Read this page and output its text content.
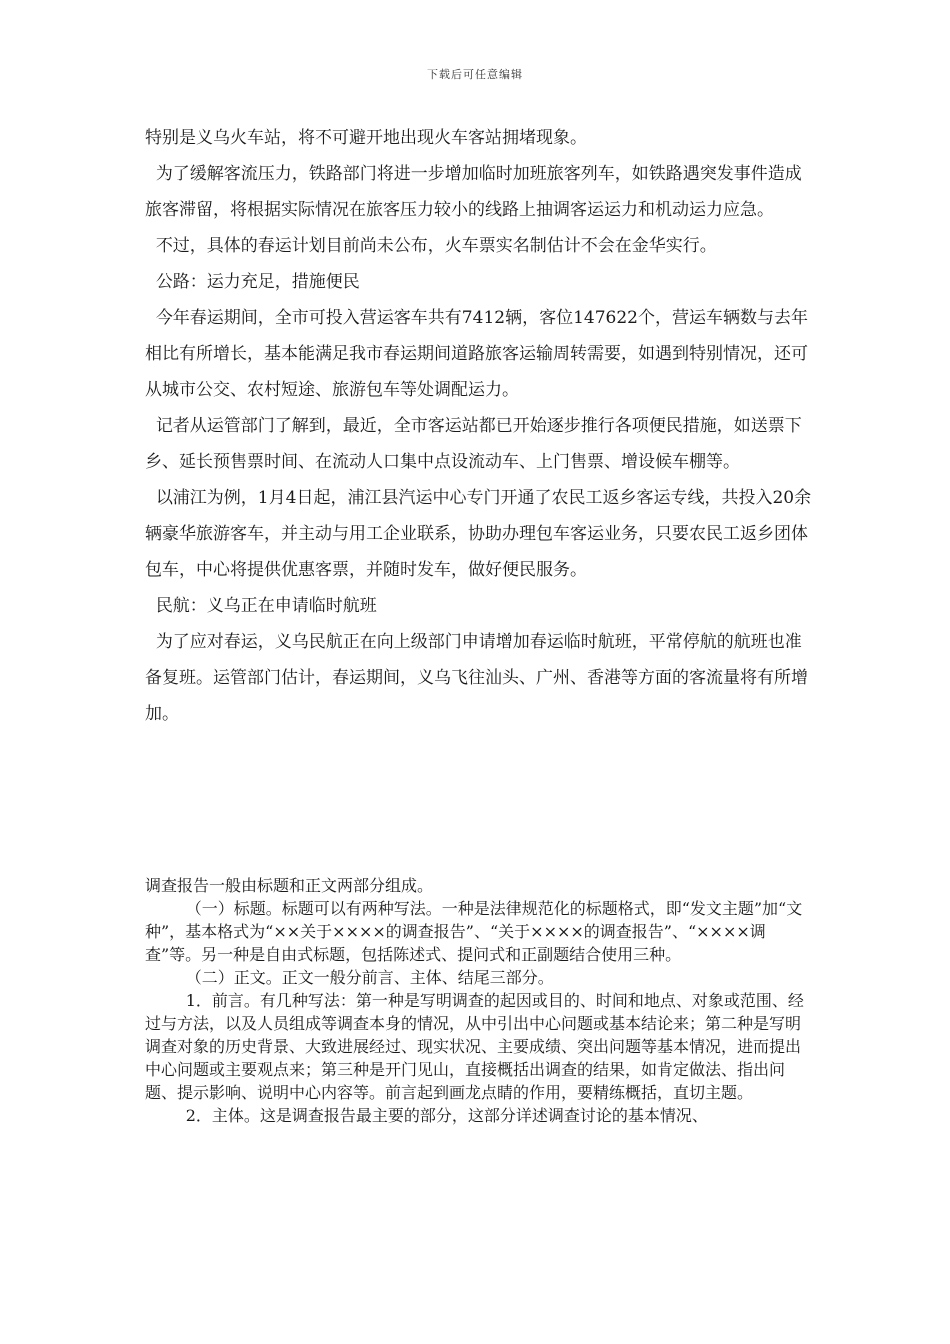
下载后可任意编辑

特别是义乌火车站，将不可避开地出现火车客站拥堵现象。

为了缓解客流压力，铁路部门将进一步增加临时加班旅客列车，如铁路遇突发事件造成旅客滞留，将根据实际情况在旅客压力较小的线路上抽调客运运力和机动运力应急。

不过，具体的春运计划目前尚未公布，火车票实名制估计不会在金华实行。

公路：运力充足，措施便民

今年春运期间，全市可投入营运客车共有7412辆，客位147622个，营运车辆数与去年相比有所增长，基本能满足我市春运期间道路旅客运输周转需要，如遇到特别情况，还可从城市公交、农村短途、旅游包车等处调配运力。

记者从运管部门了解到，最近，全市客运站都已开始逐步推行各项便民措施，如送票下乡、延长预售票时间、在流动人口集中点设流动车、上门售票、增设候车棚等。

以浦江为例，1月4日起，浦江县汽运中心专门开通了农民工返乡客运专线，共投入20余辆豪华旅游客车，并主动与用工企业联系，协助办理包车客运业务，只要农民工返乡团体包车，中心将提供优惠客票，并随时发车，做好便民服务。

民航：义乌正在申请临时航班

为了应对春运，义乌民航正在向上级部门申请增加春运临时航班，平常停航的航班也准备复班。运管部门估计，春运期间，义乌飞往汕头、广州、香港等方面的客流量将有所增加。

调查报告一般由标题和正文两部分组成。

（一）标题。标题可以有两种写法。一种是法律规范化的标题格式，即“发文主题”加“文种”，基本格式为“××关于××××的调查报告”、“关于××××的调查报告”、“××××调查”等。另一种是自由式标题，包括陈述式、提问式和正副题结合使用三种。

（二）正文。正文一般分前言、主体、结尾三部分。

1．前言。有几种写法：第一种是写明调查的起因或目的、时间和地点、对象或范围、经过与方法，以及人员组成等调查本身的情况，从中引出中心问题或基本结论来；第二种是写明调查对象的历史背景、大致进展经过、现实状况、主要成绩、突出问题等基本情况，进而提出中心问题或主要观点来；第三种是开门见山，直接概括出调查的结果，如肯定做法、指出问题、提示影响、说明中心内容等。前言起到画龙点睛的作用，要精练概括，直切主题。

2．主体。这是调查报告最主要的部分，这部分详述调查讨论的基本情况、
